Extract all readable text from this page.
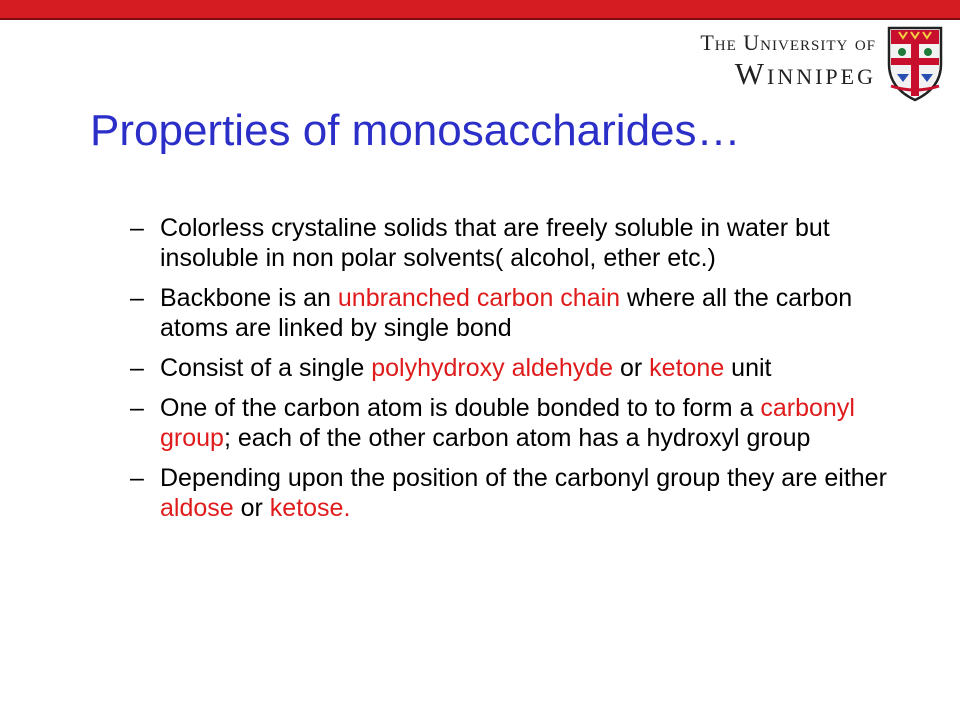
The University of
Winnipeg
Properties of monosaccharides…
– Colorless crystaline solids that are freely soluble in water but insoluble in non polar solvents( alcohol, ether etc.)
– Backbone is an unbranched carbon chain where all the carbon atoms are linked by single bond
– Consist of a single polyhydroxy aldehyde or ketone unit
– One of the carbon atom is double bonded to to form a carbonyl group; each of the other carbon atom has a hydroxyl group
– Depending upon the position of the carbonyl group they are either aldose or ketose.
